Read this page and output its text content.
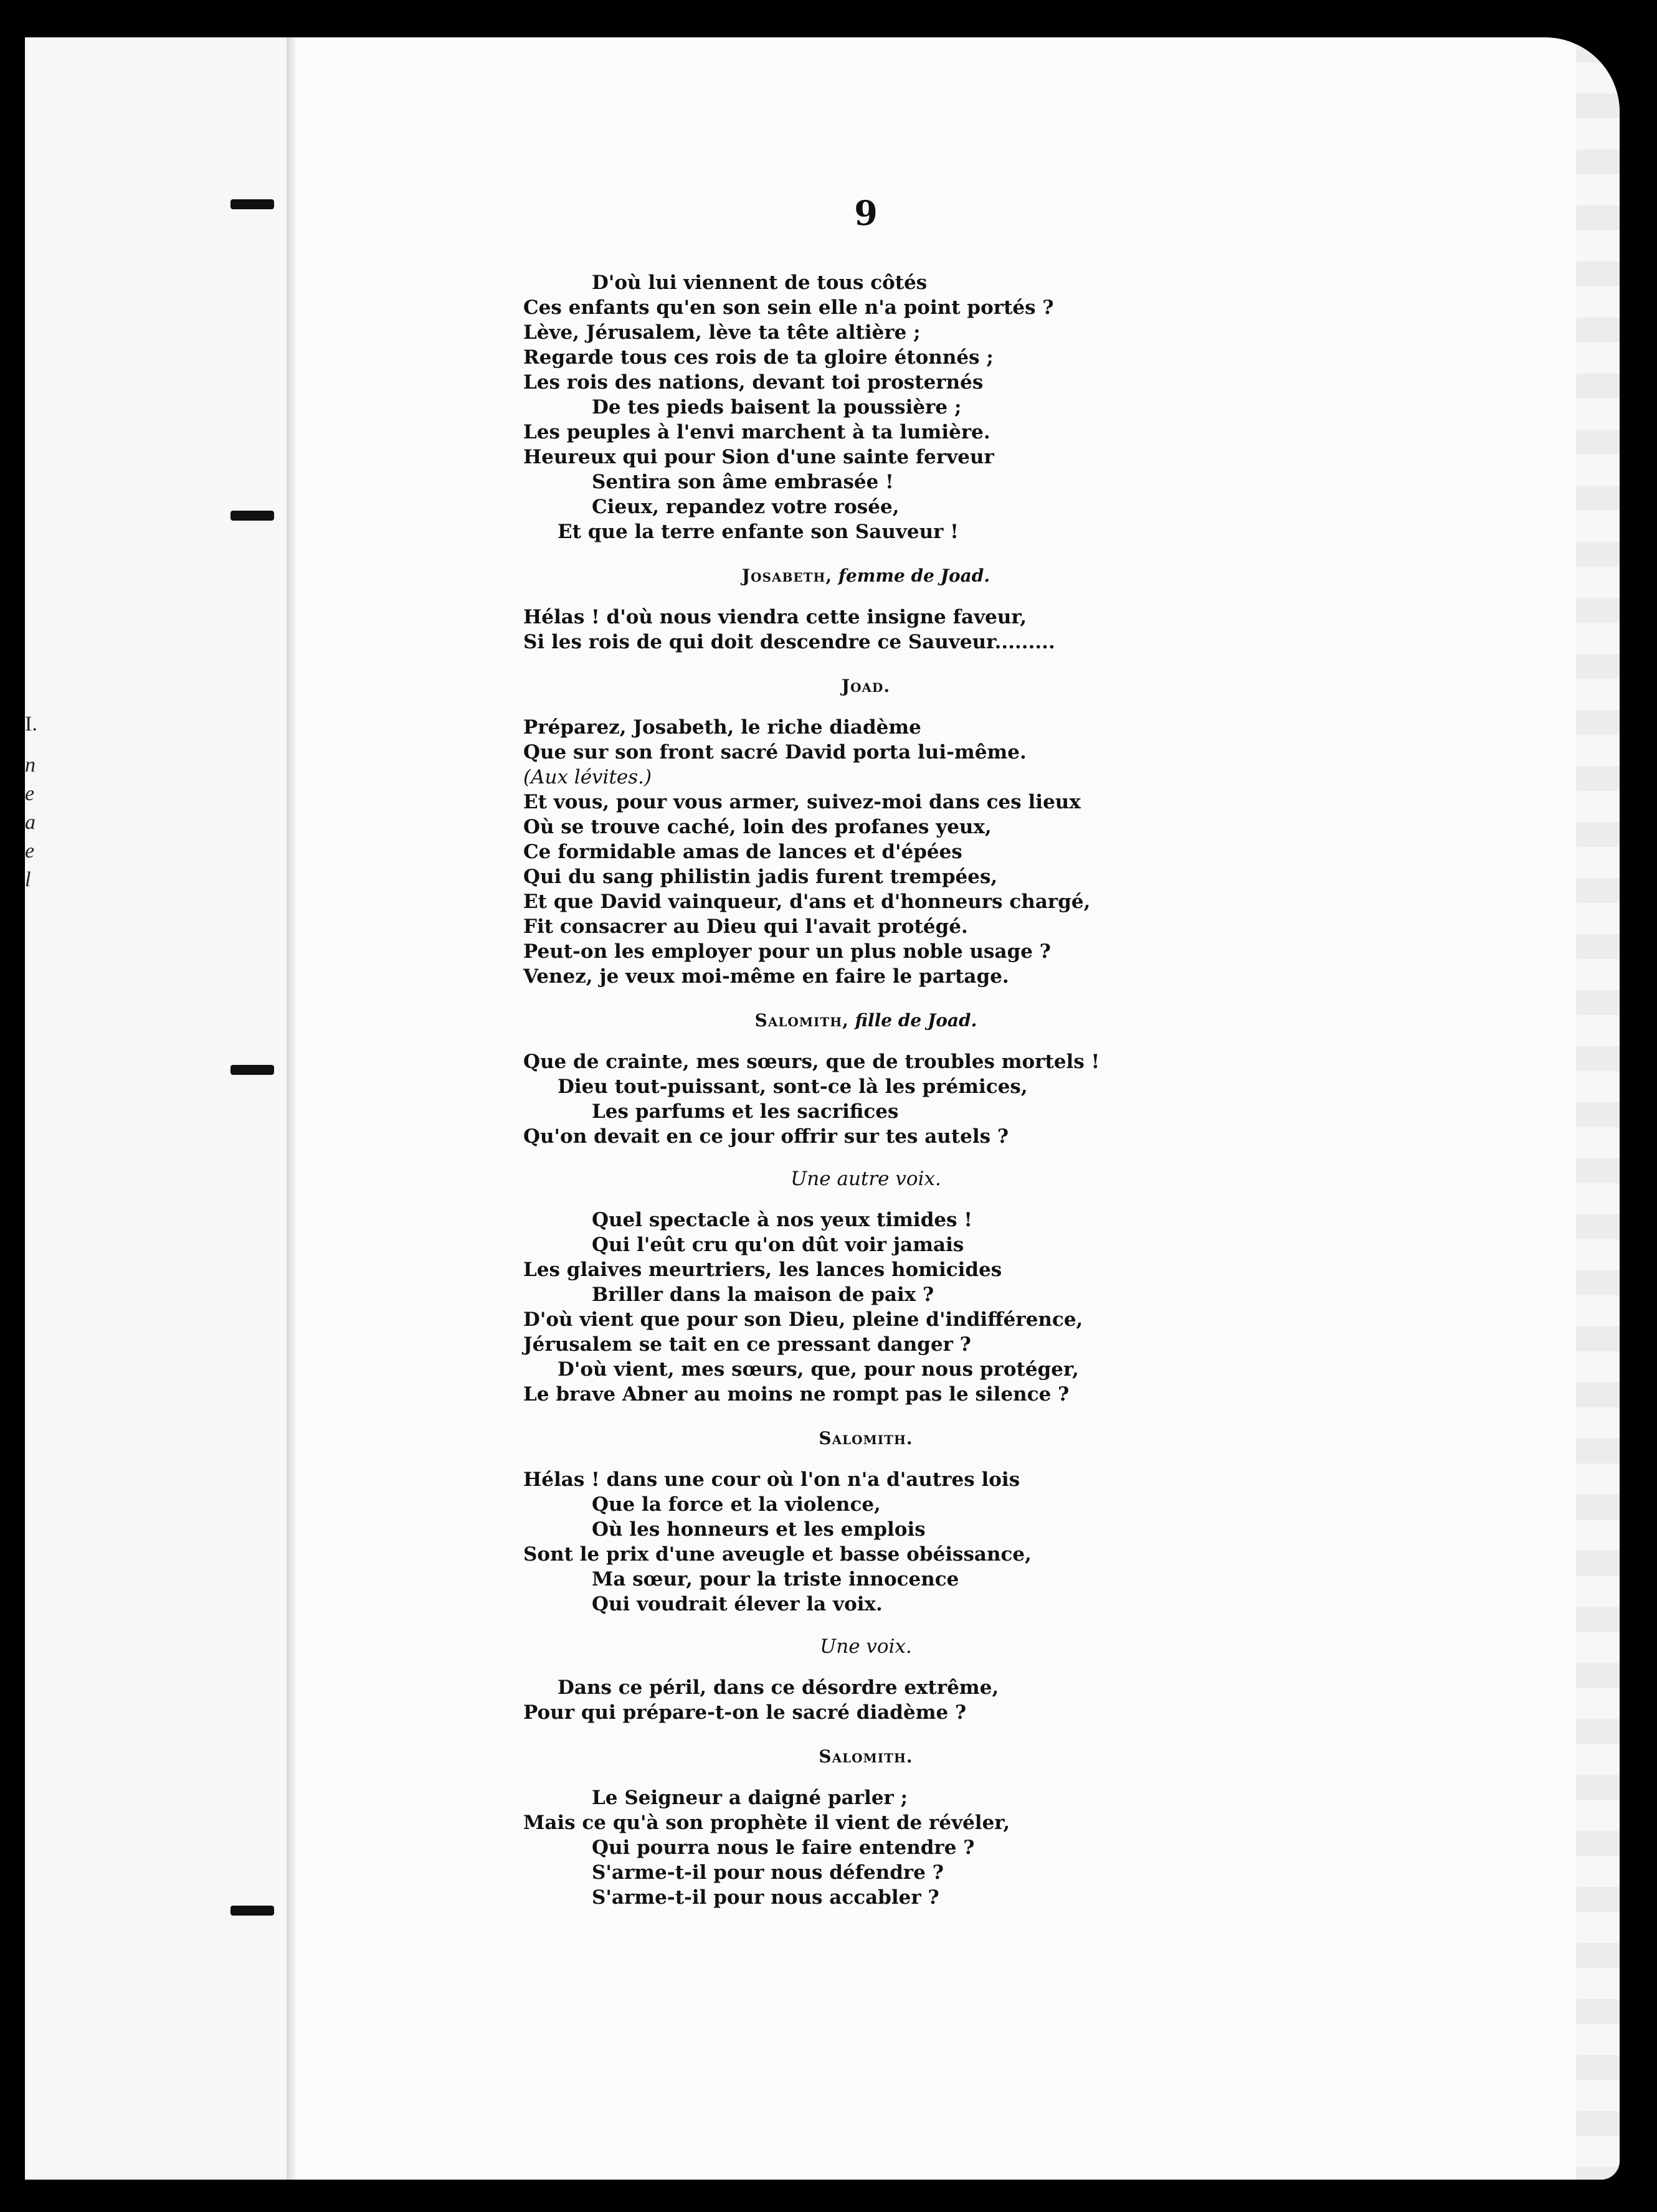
I.
n
e
a
e
l
9
D'où lui viennent de tous côtés
Ces enfants qu'en son sein elle n'a point portés ?
Lève, Jérusalem, lève ta tête altière ;
Regarde tous ces rois de ta gloire étonnés ;
Les rois des nations, devant toi prosternés
De tes pieds baisent la poussière ;
Les peuples à l'envi marchent à ta lumière.
Heureux qui pour Sion d'une sainte ferveur
Sentira son âme embrasée !
Cieux, repandez votre rosée,
Et que la terre enfante son Sauveur !
Josabeth, femme de Joad.
Hélas ! d'où nous viendra cette insigne faveur,
Si les rois de qui doit descendre ce Sauveur.........
Joad.
Préparez, Josabeth, le riche diadème
Que sur son front sacré David porta lui-même.
(Aux lévites.)
Et vous, pour vous armer, suivez-moi dans ces lieux
Où se trouve caché, loin des profanes yeux,
Ce formidable amas de lances et d'épées
Qui du sang philistin jadis furent trempées,
Et que David vainqueur, d'ans et d'honneurs chargé,
Fit consacrer au Dieu qui l'avait protégé.
Peut-on les employer pour un plus noble usage ?
Venez, je veux moi-même en faire le partage.
Salomith, fille de Joad.
Que de crainte, mes sœurs, que de troubles mortels !
Dieu tout-puissant, sont-ce là les prémices,
Les parfums et les sacrifices
Qu'on devait en ce jour offrir sur tes autels ?
Une autre voix.
Quel spectacle à nos yeux timides !
Qui l'eût cru qu'on dût voir jamais
Les glaives meurtriers, les lances homicides
Briller dans la maison de paix ?
D'où vient que pour son Dieu, pleine d'indifférence,
Jérusalem se tait en ce pressant danger ?
D'où vient, mes sœurs, que, pour nous protéger,
Le brave Abner au moins ne rompt pas le silence ?
Salomith.
Hélas ! dans une cour où l'on n'a d'autres lois
Que la force et la violence,
Où les honneurs et les emplois
Sont le prix d'une aveugle et basse obéissance,
Ma sœur, pour la triste innocence
Qui voudrait élever la voix.
Une voix.
Dans ce péril, dans ce désordre extrême,
Pour qui prépare-t-on le sacré diadème ?
Salomith.
Le Seigneur a daigné parler ;
Mais ce qu'à son prophète il vient de révéler,
Qui pourra nous le faire entendre ?
S'arme-t-il pour nous défendre ?
S'arme-t-il pour nous accabler ?
